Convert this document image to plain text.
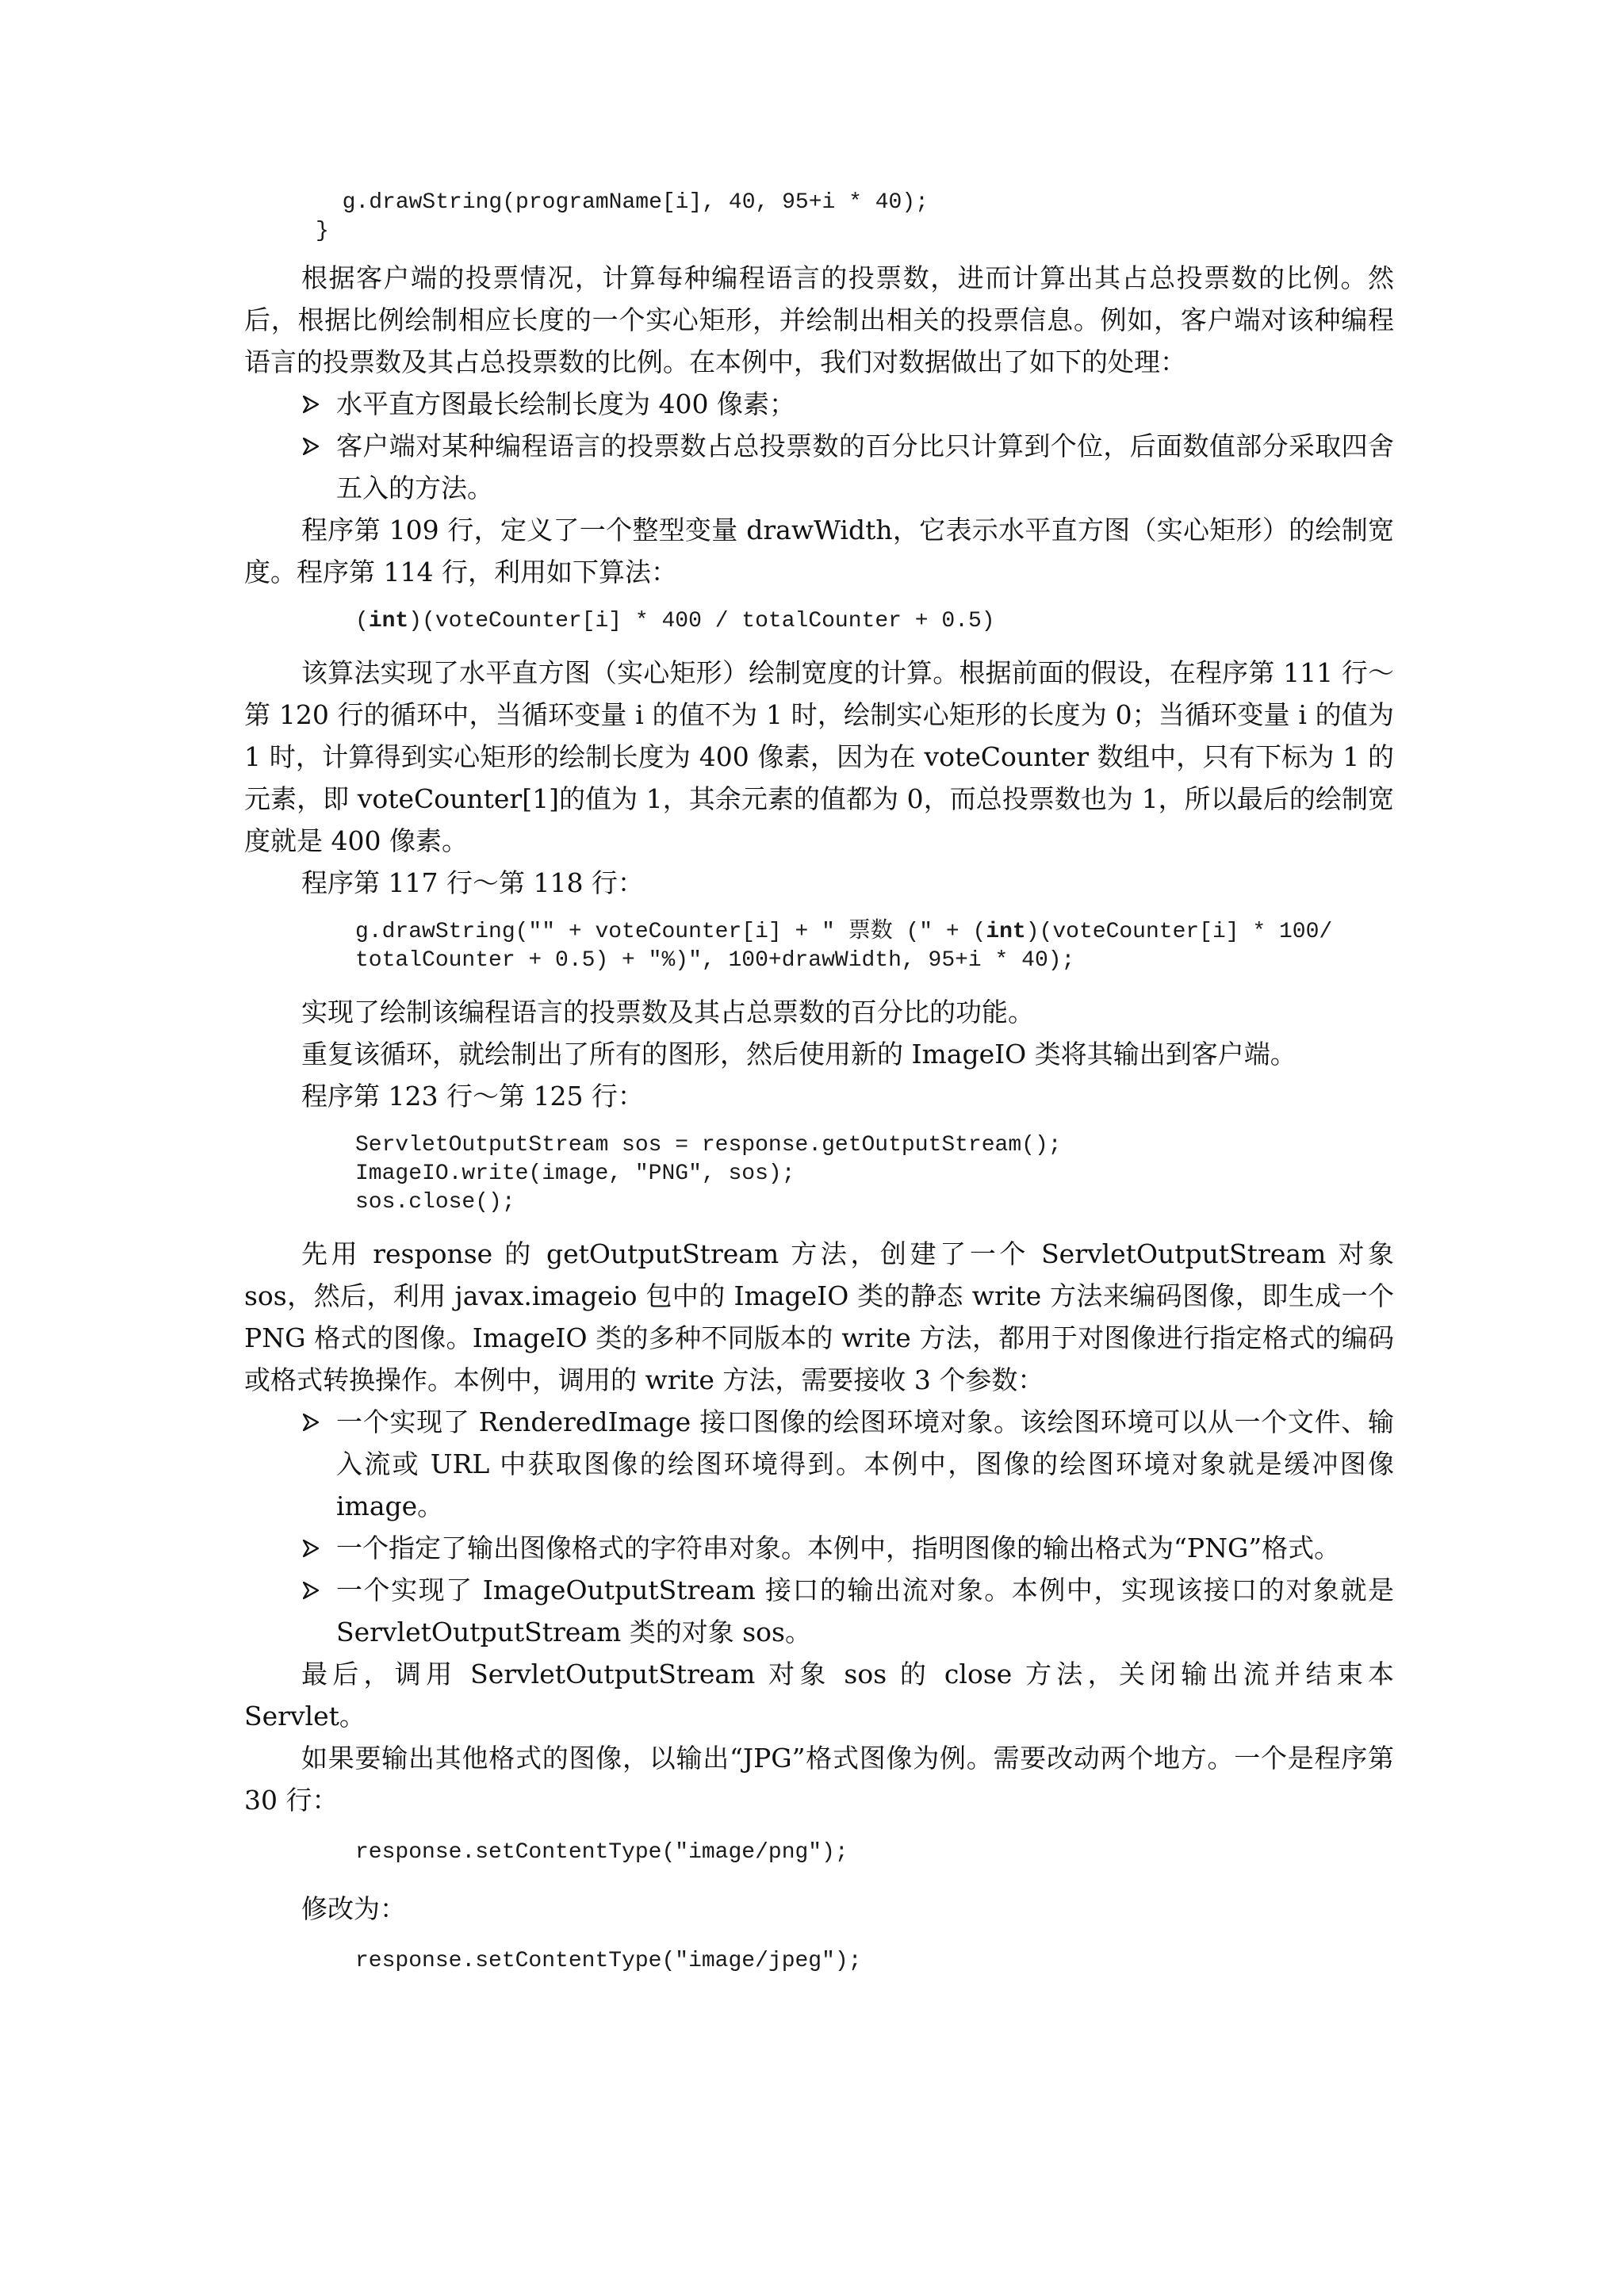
g.drawString(programName[i], 40, 95+i * 40);
}

根据客户端的投票情况，计算每种编程语言的投票数，进而计算出其占总投票数的比例。然后，根据比例绘制相应长度的一个实心矩形，并绘制出相关的投票信息。例如，客户端对该种编程语言的投票数及其占总投票数的比例。在本例中，我们对数据做出了如下的处理：

水平直方图最长绘制长度为 400 像素；
客户端对某种编程语言的投票数占总投票数的百分比只计算到个位，后面数值部分采取四舍五入的方法。

程序第 109 行，定义了一个整型变量 drawWidth，它表示水平直方图（实心矩形）的绘制宽度。程序第 114 行，利用如下算法：

(int)(voteCounter[i] * 400 / totalCounter + 0.5)

该算法实现了水平直方图（实心矩形）绘制宽度的计算。根据前面的假设，在程序第 111 行～第 120 行的循环中，当循环变量 i 的值不为 1 时，绘制实心矩形的长度为 0；当循环变量 i 的值为 1 时，计算得到实心矩形的绘制长度为 400 像素，因为在 voteCounter 数组中，只有下标为 1 的元素，即 voteCounter[1]的值为 1，其余元素的值都为 0，而总投票数也为 1，所以最后的绘制宽度就是 400 像素。

程序第 117 行～第 118 行：

g.drawString("" + voteCounter[i] + " 票数 (" + (int)(voteCounter[i] * 100/
totalCounter + 0.5) + "%)", 100+drawWidth, 95+i * 40);

实现了绘制该编程语言的投票数及其占总票数的百分比的功能。

重复该循环，就绘制出了所有的图形，然后使用新的 ImageIO 类将其输出到客户端。

程序第 123 行～第 125 行：

ServletOutputStream sos = response.getOutputStream();
ImageIO.write(image, "PNG", sos);
sos.close();

先用 response 的 getOutputStream 方法，创建了一个 ServletOutputStream 对象 sos，然后，利用 javax.imageio 包中的 ImageIO 类的静态 write 方法来编码图像，即生成一个 PNG 格式的图像。ImageIO 类的多种不同版本的 write 方法，都用于对图像进行指定格式的编码或格式转换操作。本例中，调用的 write 方法，需要接收 3 个参数：

一个实现了 RenderedImage 接口图像的绘图环境对象。该绘图环境可以从一个文件、输入流或 URL 中获取图像的绘图环境得到。本例中，图像的绘图环境对象就是缓冲图像 image。
一个指定了输出图像格式的字符串对象。本例中，指明图像的输出格式为“PNG”格式。
一个实现了 ImageOutputStream 接口的输出流对象。本例中，实现该接口的对象就是 ServletOutputStream 类的对象 sos。

最后，调用 ServletOutputStream 对象 sos 的 close 方法，关闭输出流并结束本 Servlet。

如果要输出其他格式的图像，以输出“JPG”格式图像为例。需要改动两个地方。一个是程序第 30 行：

response.setContentType("image/png");

修改为：

response.setContentType("image/jpeg");
